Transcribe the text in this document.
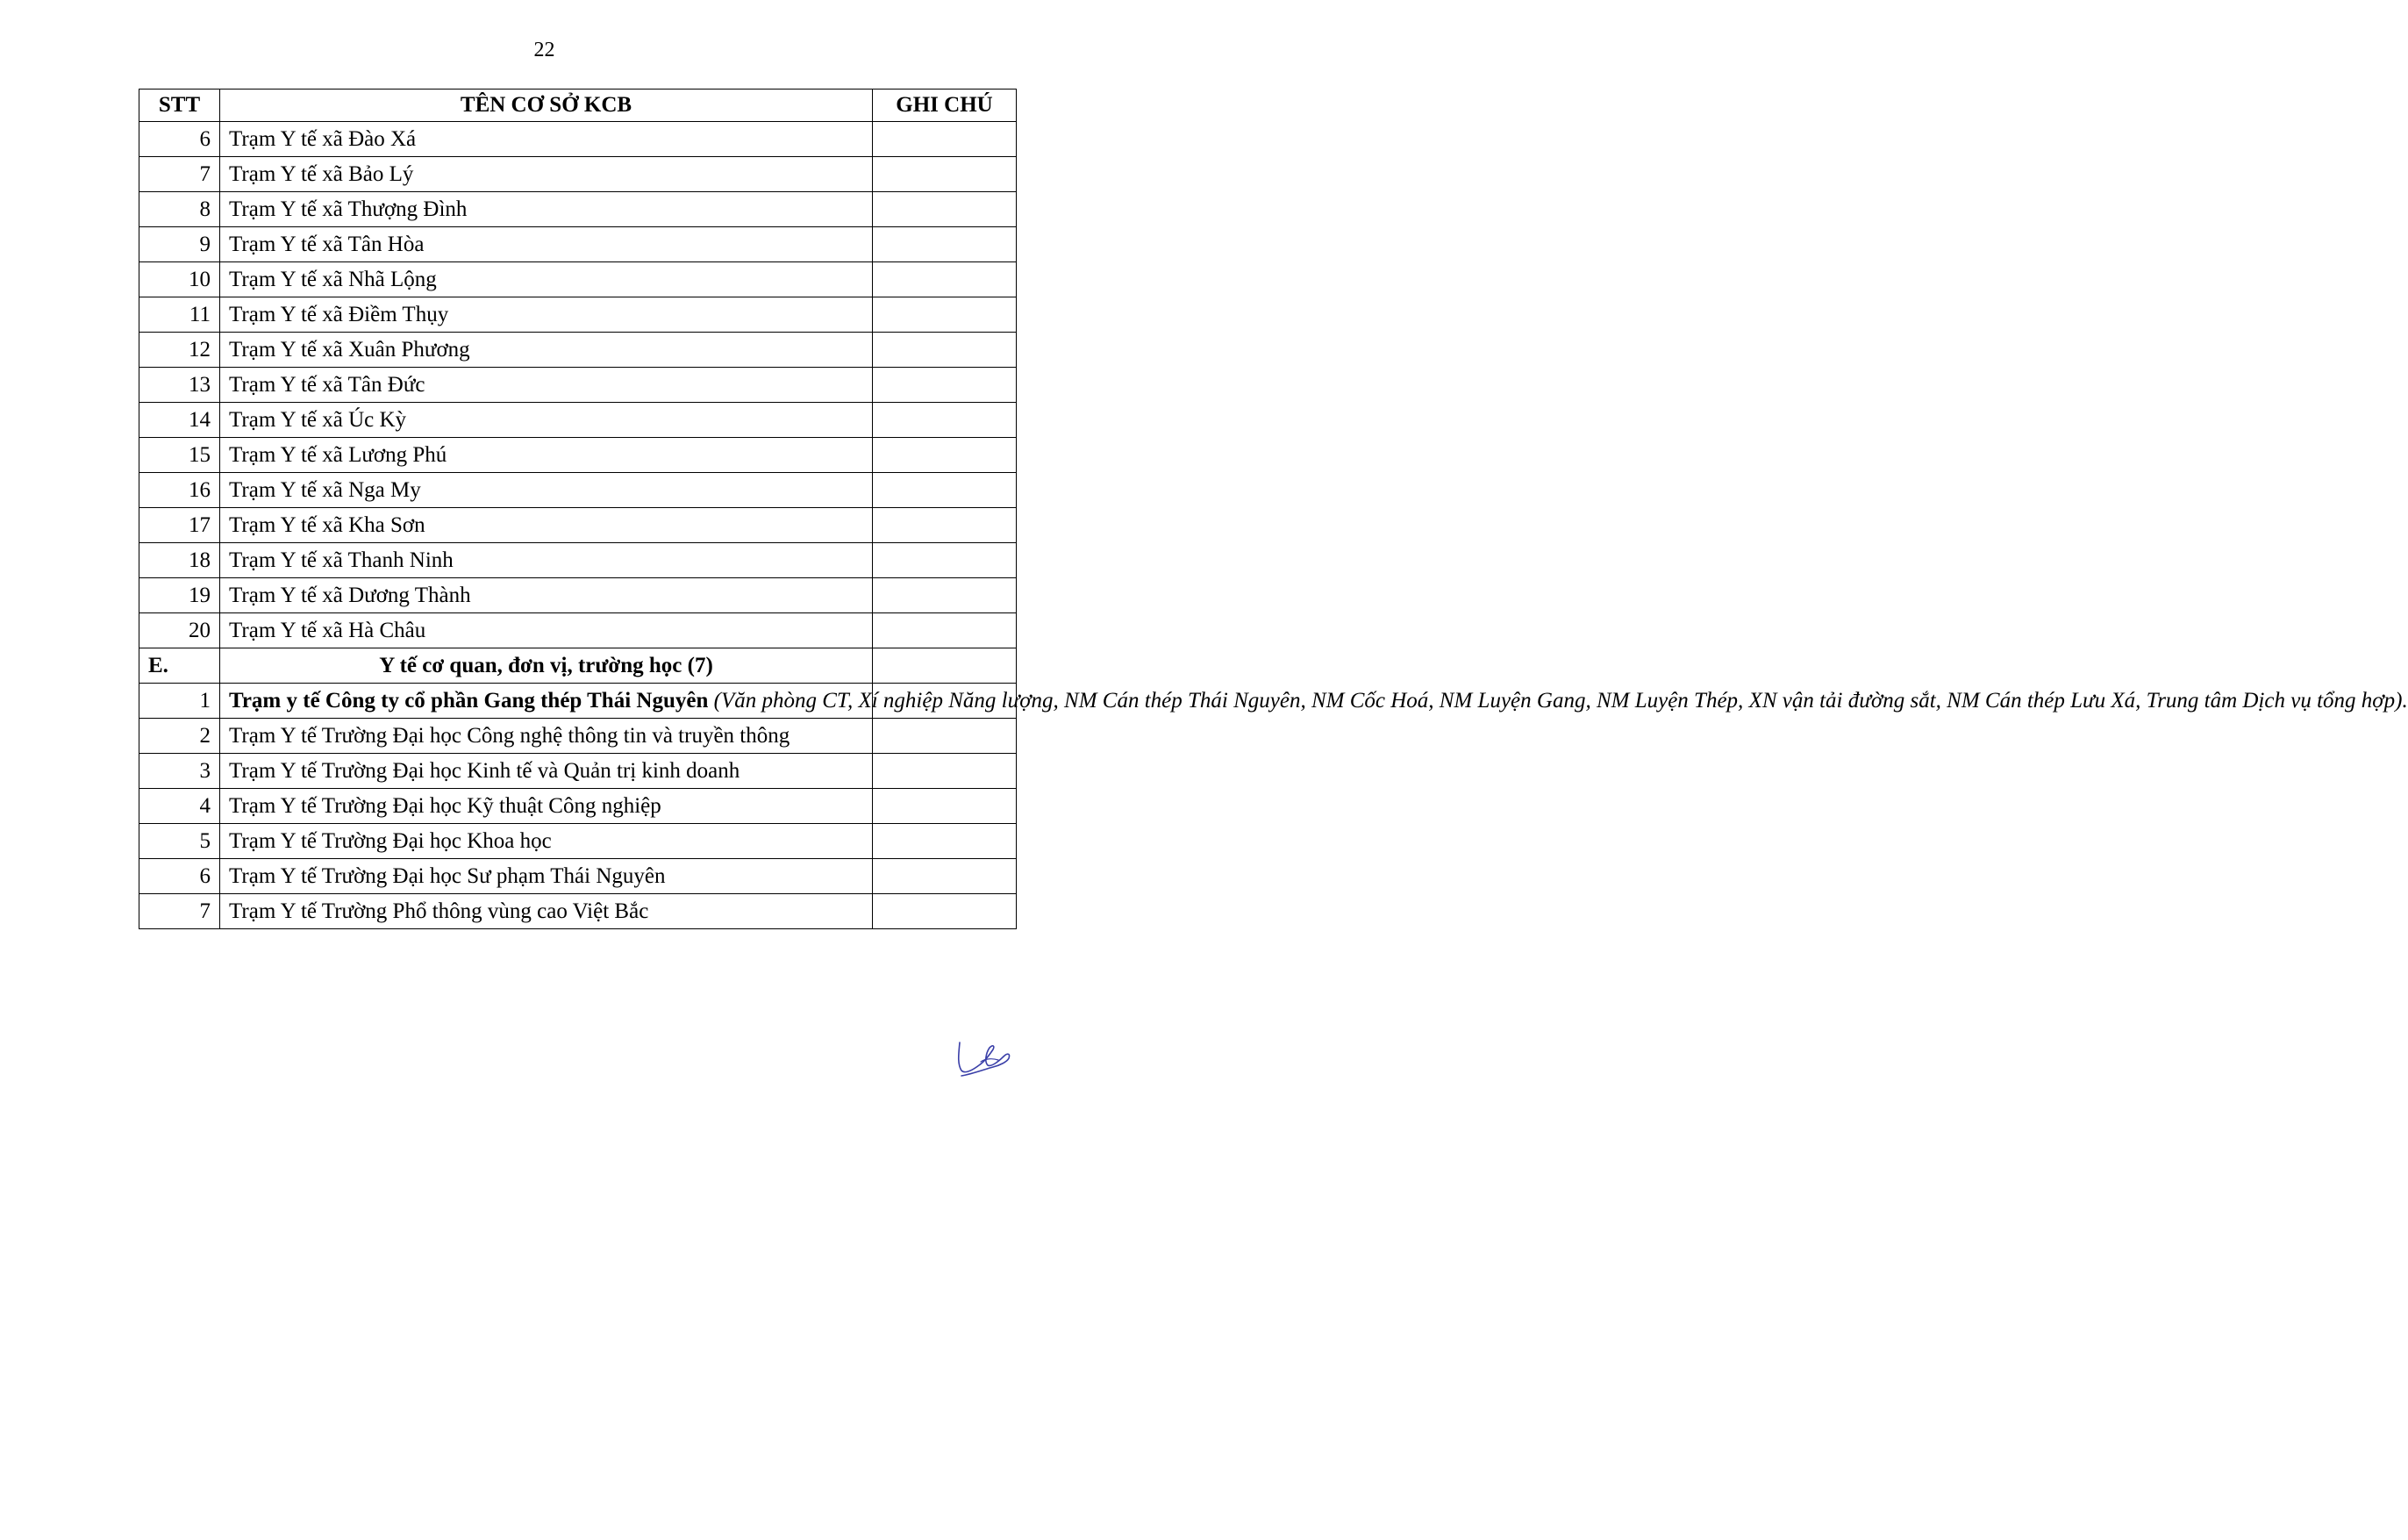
22
STT	TÊN CƠ SỞ KCB	GHI CHÚ
6	Trạm Y tế xã Đào Xá	
7	Trạm Y tế xã Bảo Lý	
8	Trạm Y tế xã Thượng Đình	
9	Trạm Y tế xã Tân Hòa	
10	Trạm Y tế xã Nhã Lộng	
11	Trạm Y tế xã Điềm Thụy	
12	Trạm Y tế xã Xuân Phương	
13	Trạm Y tế xã Tân Đức	
14	Trạm Y tế xã Úc Kỳ	
15	Trạm Y tế xã Lương Phú	
16	Trạm Y tế xã Nga My	
17	Trạm Y tế xã Kha Sơn	
18	Trạm Y tế xã Thanh Ninh	
19	Trạm Y tế xã Dương Thành	
20	Trạm Y tế xã Hà Châu	
E.	Y tế cơ quan, đơn vị, trường học (7)	
1	Trạm y tế Công ty cổ phần Gang thép Thái Nguyên (Văn phòng CT, Xí nghiệp Năng lượng, NM Cán thép Thái Nguyên, NM Cốc Hoá, NM Luyện Gang, NM Luyện Thép, XN vận tải đường sắt, NM Cán thép Lưu Xá, Trung tâm Dịch vụ tổng hợp).	
2	Trạm Y tế Trường Đại học Công nghệ thông tin và truyền thông	
3	Trạm Y tế Trường Đại học Kinh tế và Quản trị kinh doanh	
4	Trạm Y tế Trường Đại học Kỹ thuật Công nghiệp	
5	Trạm Y tế Trường Đại học Khoa học	
6	Trạm Y tế Trường Đại học Sư phạm Thái Nguyên	
7	Trạm Y tế Trường Phổ thông vùng cao Việt Bắc	
